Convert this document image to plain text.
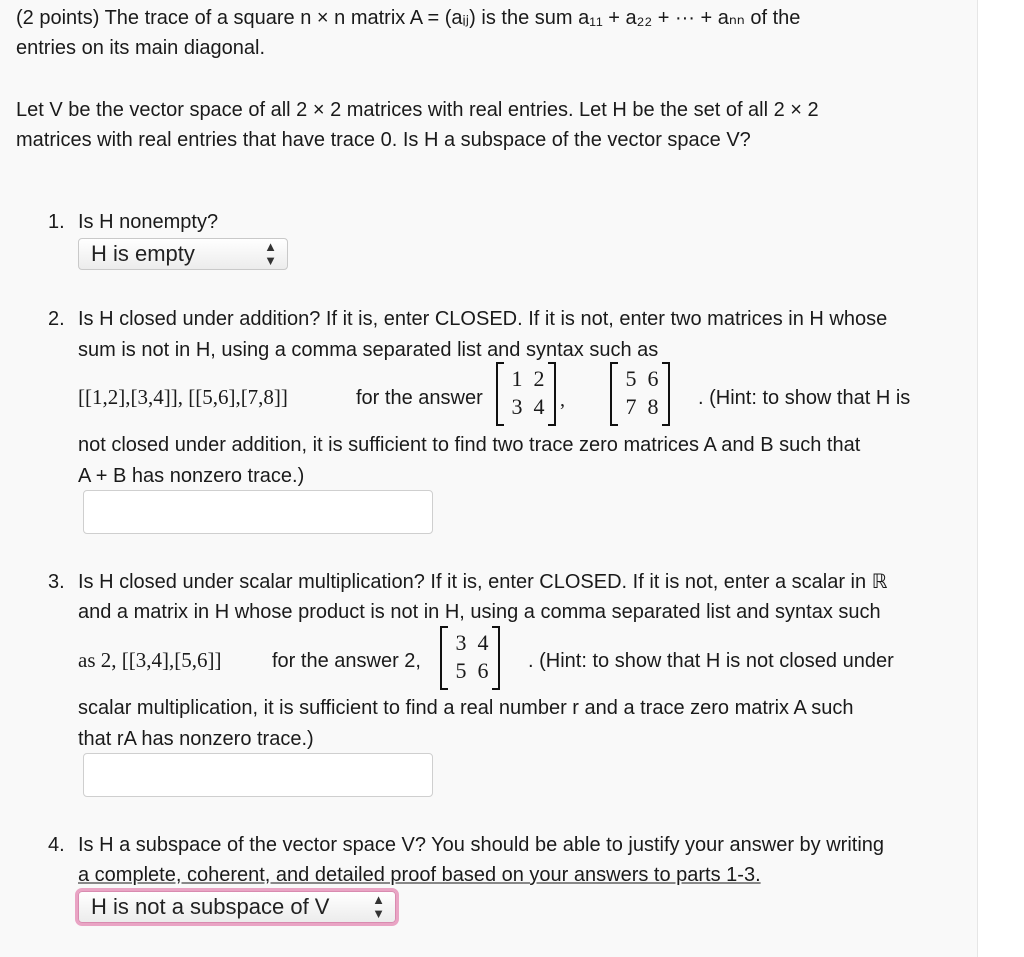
(2 points) The trace of a square n × n matrix A = (aᵢⱼ) is the sum a₁₁ + a₂₂ + ··· + aₙₙ of the
entries on its main diagonal.
Let V be the vector space of all 2 × 2 matrices with real entries. Let H be the set of all 2 × 2
matrices with real entries that have trace 0. Is H a subspace of the vector space V?
1. Is H nonempty?
H is empty	▲
▼
2. Is H closed under addition? If it is, enter CLOSED. If it is not, enter two matrices in H whose
sum is not in H, using a comma separated list and syntax such as
[[1,2],[3,4]], [[5,6],[7,8]]	for the answer
1 2
3 4 ,
5 6
7 8 . (Hint: to show that H is
not closed under addition, it is sufficient to find two trace zero matrices A and B such that
A + B has nonzero trace.)
3. Is H closed under scalar multiplication? If it is, enter CLOSED. If it is not, enter a scalar in ℝ
and a matrix in H whose product is not in H, using a comma separated list and syntax such
as 2, [[3,4],[5,6]]	for the answer 2,
3 4
5 6 . (Hint: to show that H is not closed under
scalar multiplication, it is sufficient to find a real number r and a trace zero matrix A such
that rA has nonzero trace.)
4. Is H a subspace of the vector space V? You should be able to justify your answer by writing
a complete, coherent, and detailed proof based on your answers to parts 1-3.
H is not a subspace of V	▲
▼
